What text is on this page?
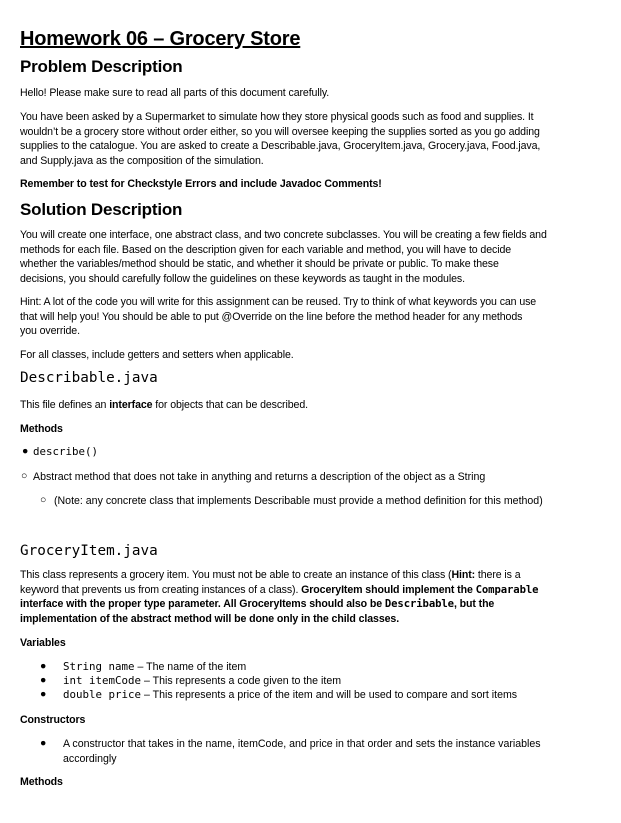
Homework 06 – Grocery Store
Problem Description
Hello! Please make sure to read all parts of this document carefully.
You have been asked by a Supermarket to simulate how they store physical goods such as food and supplies. It
wouldn’t be a grocery store without order either, so you will oversee keeping the supplies sorted as you go adding
supplies to the catalogue. You are asked to create a Describable.java, GroceryItem.java, Grocery.java, Food.java,
and Supply.java as the composition of the simulation.
Remember to test for Checkstyle Errors and include Javadoc Comments!
Solution Description
You will create one interface, one abstract class, and two concrete subclasses. You will be creating a few fields and
methods for each file. Based on the description given for each variable and method, you will have to decide
whether the variables/method should be static, and whether it should be private or public. To make these
decisions, you should carefully follow the guidelines on these keywords as taught in the modules.
Hint: A lot of the code you will write for this assignment can be reused. Try to think of what keywords you can use
that will help you! You should be able to put @Override on the line before the method header for any methods
you override.
For all classes, include getters and setters when applicable.
Describable.java
This file defines an interface for objects that can be described.
Methods
● describe()
○ Abstract method that does not take in anything and returns a description of the object as a String
○ (Note: any concrete class that implements Describable must provide a method definition for this method)
GroceryItem.java
This class represents a grocery item. You must not be able to create an instance of this class (Hint: there is a
keyword that prevents us from creating instances of a class). GroceryItem should implement the Comparable
interface with the proper type parameter. All GroceryItems should also be Describable, but the
implementation of the abstract method will be done only in the child classes.
Variables
● String name – The name of the item
● int itemCode – This represents a code given to the item
● double price – This represents a price of the item and will be used to compare and sort items
Constructors
● A constructor that takes in the name, itemCode, and price in that order and sets the instance variables
accordingly
Methods
